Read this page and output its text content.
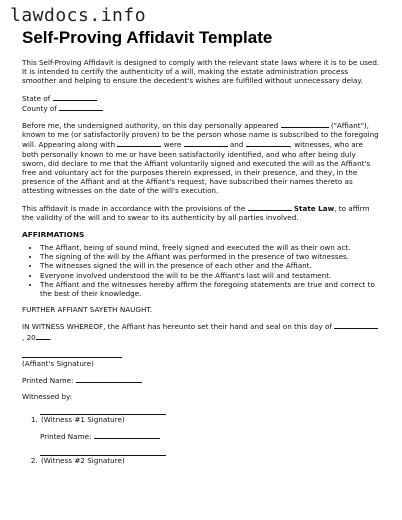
lawdocs.info
Self-Proving Affidavit Template

This Self-Proving Affidavit is designed to comply with the relevant state laws where it is to be used. It is intended to certify the authenticity of a will, making the estate administration process smoother and helping to ensure the decedent's wishes are fulfilled without unnecessary delay.

State of

County of

Before me, the undersigned authority, on this day personally appeared	("Affiant"), known to me (or satisfactorily proven) to be the person whose name is subscribed to the foregoing will. Appearing along with	were	and	, witnesses, who are both personally known to me or have been satisfactorily identified, and who after being duly sworn, did declare to me that the Affiant voluntarily signed and executed the will as the Affiant's free and voluntary act for the purposes therein expressed, in their presence, and they, in the presence of the Affiant and at the Affiant's request, have subscribed their names thereto as attesting witnesses on the date of the will's execution.

This affidavit is made in accordance with the provisions of the	State Law, to affirm the validity of the will and to swear to its authenticity by all parties involved.

AFFIRMATIONS
• The Affiant, being of sound mind, freely signed and executed the will as their own act.
• The signing of the will by the Affiant was performed in the presence of two witnesses.
• The witnesses signed the will in the presence of each other and the Affiant.
• Everyone involved understood the will to be the Affiant's last will and testament.
• The Affiant and the witnesses hereby affirm the foregoing statements are true and correct to the best of their knowledge.

FURTHER AFFIANT SAYETH NAUGHT.

IN WITNESS WHEREOF, the Affiant has hereunto set their hand and seal on this day of , 20 .

(Affiant's Signature)

Printed Name:

Witnessed by:

1. (Witness #1 Signature)
Printed Name:
2. (Witness #2 Signature)
